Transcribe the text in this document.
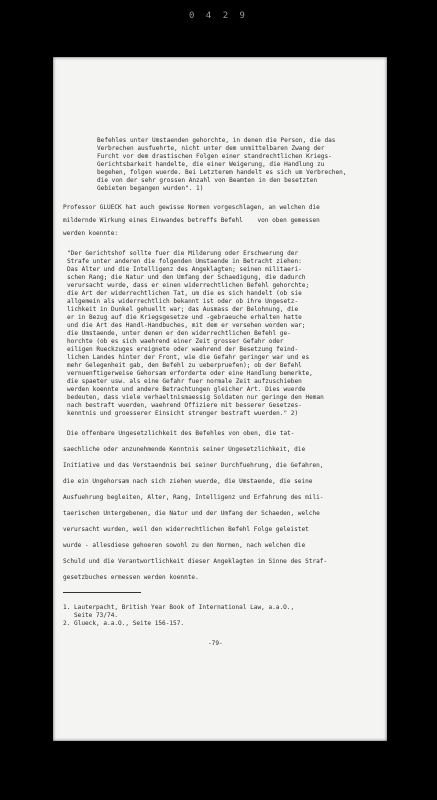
0 4 2 9
Befehles unter Umstaenden gehorchte, in denen die Person, die das
Verbrechen ausfuehrte, nicht unter dem unmittelbaren Zwang der
Furcht vor dem drastischen Folgen einer standrechtlichen Kriegs-
Gerichtsbarkeit handelte, die einer Weigerung, die Handlung zu
begehen, folgen wuerde. Bei Letzterem handelt es sich um Verbrechen,
die von der sehr grossen Anzahl von Beamten in den besetzten
Gebieten begangen wurden". 1)
Professor GLUECK hat auch gewisse Normen vorgeschlagen, an welchen die
mildernde Wirkung eines Einwandes betreffs Befehl    von oben gemessen
werden koennte:
"Der Gerichtshof sollte fuer die Milderung oder Erschwerung der
Strafe unter anderen die folgenden Umstaende in Betracht ziehen:
Das Alter und die Intelligenz des Angeklagten; seinen militaeri-
schen Rang; die Natur und den Umfang der Schaedigung, die dadurch
verursacht wurde, dass er einen widerrechtlichen Befehl gehorchte;
die Art der widerrechtlichen Tat, um die es sich handelt (ob sie
allgemein als widerrechtlich bekannt ist oder ob ihre Ungesetz-
lichkeit in Dunkel gehuellt war; das Ausmass der Belohnung, die
er in Bezug auf die Kriegsgesetze und -gebraeuche erhalten hatte
und die Art des Handl-Handbuches, mit dem er versehen worden war;
die Umstaende, unter denen er den widerrechtlichen Befehl ge-
horchte (ob es sich waehrend einer Zeit grosser Gefahr oder
eiligen Rueckzuges ereignete oder waehrend der Besetzung feind-
lichen Landes hinter der Front, wie die Gefahr geringer war und es
mehr Gelegenheit gab, den Befehl zu ueberpruefen); ob der Befehl
vernuenftigerweise Gehorsam erforderte oder eine Handlung bemerkte,
die spaeter usw. als eine Gefahr fuer normale Zeit aufzuschieben
werden koennte und andere Betrachtungen gleicher Art. Dies wuerde
bedeuten, dass viele verhaeltnismaessig Soldaten nur geringe den Heman
nach bestraft wuerden, waehrend Offiziere mit besserer Gesetzes-
kenntnis und groesserer Einsicht strenger bestraft wuerden." 2)
Die offenbare Ungesetzlichkeit des Befehles von oben, die tat-
saechliche oder anzunehmende Kenntnis seiner Ungesetzlichkeit, die
Initiative und das Verstaendnis bei seiner Durchfuehrung, die Gefahren,
die ein Ungehorsam nach sich ziehen wuerde, die Umstaende, die seine
Ausfuehrung begleiten, Alter, Rang, Intelligenz und Erfahrung des mili-
taerischen Untergebenen, die Natur und der Umfang der Schaeden, welche
verursacht wurden, weil den widerrechtlichen Befehl Folge geleistet
wurde - allesdiese gehoeren sowohl zu den Normen, nach welchen die
Schuld und die Verantwortlichkeit dieser Angeklagten im Sinne des Straf-
gesetzbuches ermessen werden koennte.
1. Lauterpacht, British Year Book of International Law, a.a.O.,
Seite 73/74.
2. Glueck, a.a.O., Seite 156-157.
-79-
